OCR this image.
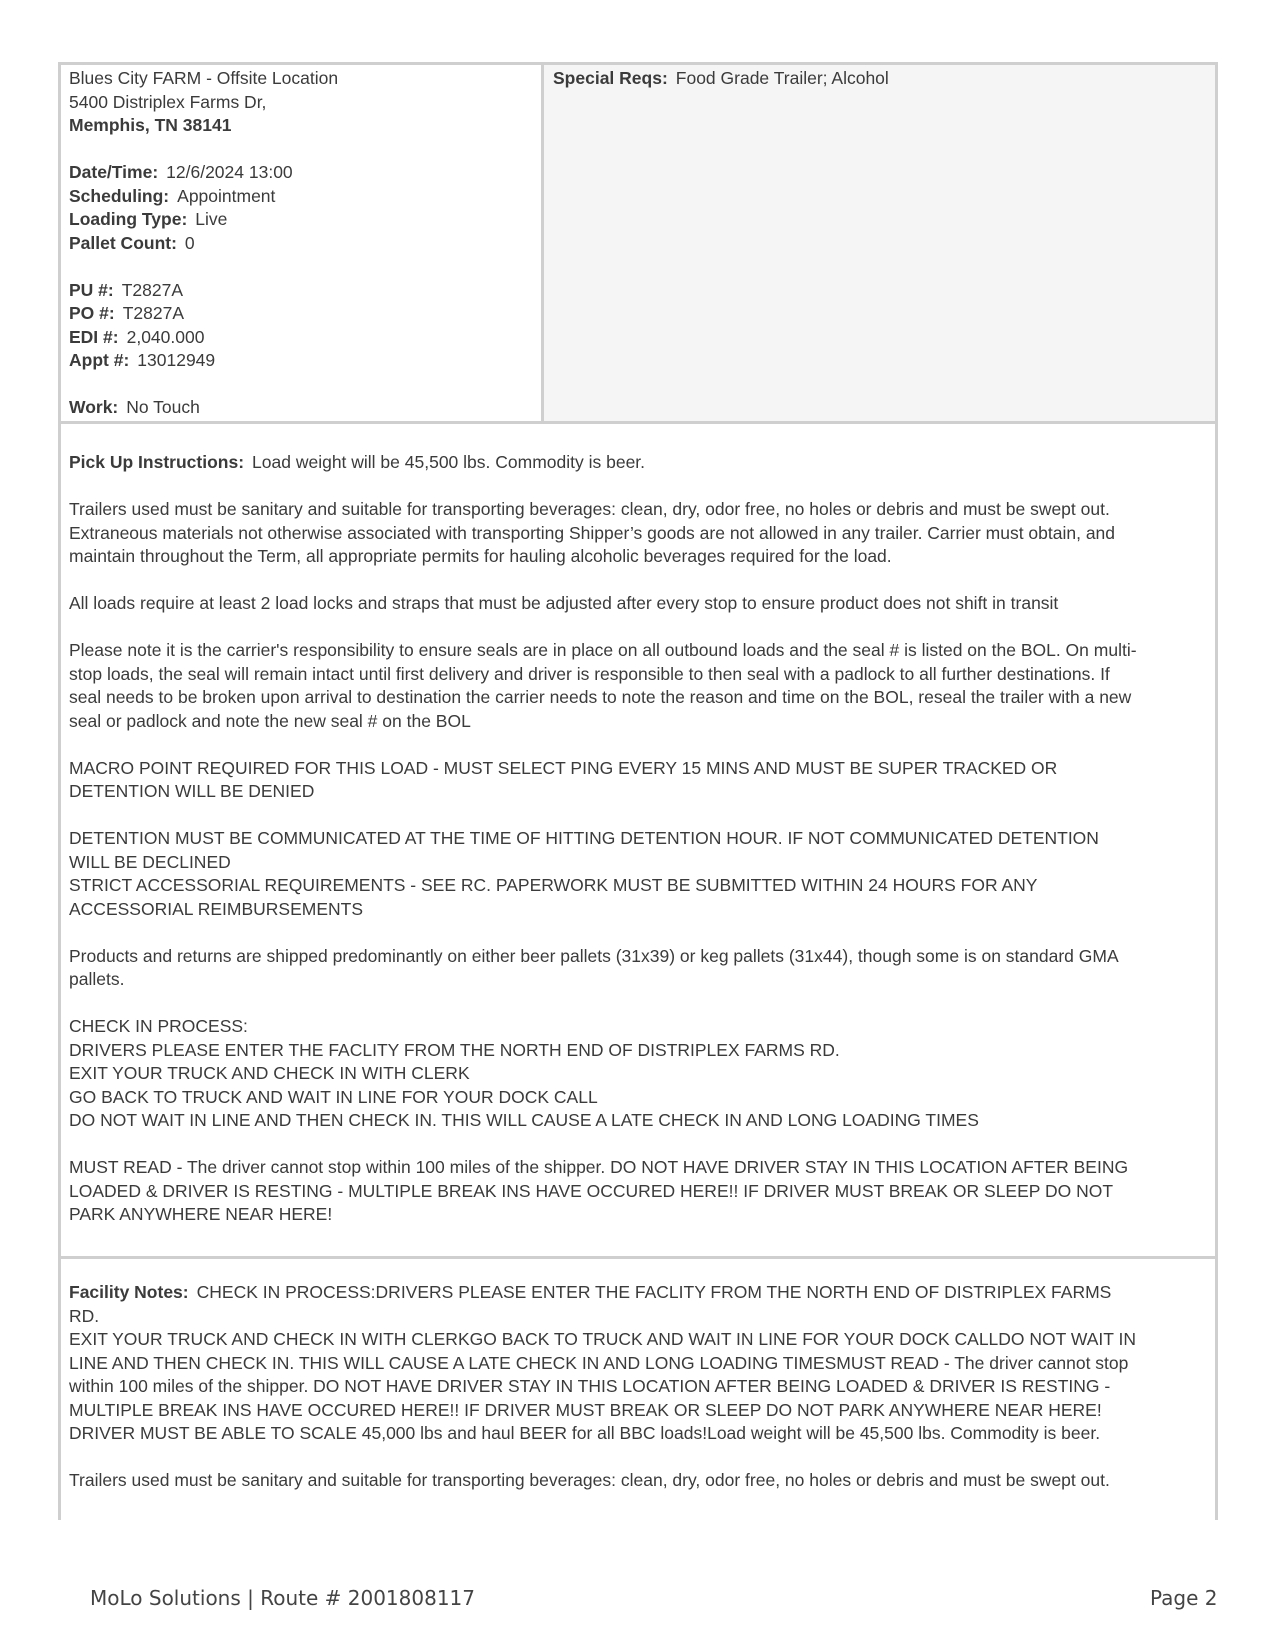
Blues City FARM - Offsite Location
5400 Distriplex Farms Dr,
Memphis, TN 38141
Date/Time: 12/6/2024 13:00
Scheduling: Appointment
Loading Type: Live
Pallet Count: 0
PU #: T2827A
PO #: T2827A
EDI #: 2,040.000
Appt #: 13012949
Work: No Touch
Special Reqs: Food Grade Trailer; Alcohol
Pick Up Instructions: Load weight will be 45,500 lbs. Commodity is beer.
Trailers used must be sanitary and suitable for transporting beverages: clean, dry, odor free, no holes or debris and must be swept out.
Extraneous materials not otherwise associated with transporting Shipper’s goods are not allowed in any trailer. Carrier must obtain, and
maintain throughout the Term, all appropriate permits for hauling alcoholic beverages required for the load.
All loads require at least 2 load locks and straps that must be adjusted after every stop to ensure product does not shift in transit
Please note it is the carrier's responsibility to ensure seals are in place on all outbound loads and the seal # is listed on the BOL. On multi-
stop loads, the seal will remain intact until first delivery and driver is responsible to then seal with a padlock to all further destinations. If
seal needs to be broken upon arrival to destination the carrier needs to note the reason and time on the BOL, reseal the trailer with a new
seal or padlock and note the new seal # on the BOL
MACRO POINT REQUIRED FOR THIS LOAD - MUST SELECT PING EVERY 15 MINS AND MUST BE SUPER TRACKED OR
DETENTION WILL BE DENIED
DETENTION MUST BE COMMUNICATED AT THE TIME OF HITTING DETENTION HOUR. IF NOT COMMUNICATED DETENTION
WILL BE DECLINED
STRICT ACCESSORIAL REQUIREMENTS - SEE RC. PAPERWORK MUST BE SUBMITTED WITHIN 24 HOURS FOR ANY
ACCESSORIAL REIMBURSEMENTS
Products and returns are shipped predominantly on either beer pallets (31x39) or keg pallets (31x44), though some is on standard GMA
pallets.
CHECK IN PROCESS:
DRIVERS PLEASE ENTER THE FACLITY FROM THE NORTH END OF DISTRIPLEX FARMS RD.
EXIT YOUR TRUCK AND CHECK IN WITH CLERK
GO BACK TO TRUCK AND WAIT IN LINE FOR YOUR DOCK CALL
DO NOT WAIT IN LINE AND THEN CHECK IN. THIS WILL CAUSE A LATE CHECK IN AND LONG LOADING TIMES
MUST READ - The driver cannot stop within 100 miles of the shipper. DO NOT HAVE DRIVER STAY IN THIS LOCATION AFTER BEING
LOADED & DRIVER IS RESTING - MULTIPLE BREAK INS HAVE OCCURED HERE!! IF DRIVER MUST BREAK OR SLEEP DO NOT
PARK ANYWHERE NEAR HERE!
Facility Notes: CHECK IN PROCESS:DRIVERS PLEASE ENTER THE FACLITY FROM THE NORTH END OF DISTRIPLEX FARMS
RD.
EXIT YOUR TRUCK AND CHECK IN WITH CLERKGO BACK TO TRUCK AND WAIT IN LINE FOR YOUR DOCK CALLDO NOT WAIT IN
LINE AND THEN CHECK IN. THIS WILL CAUSE A LATE CHECK IN AND LONG LOADING TIMESMUST READ - The driver cannot stop
within 100 miles of the shipper. DO NOT HAVE DRIVER STAY IN THIS LOCATION AFTER BEING LOADED & DRIVER IS RESTING -
MULTIPLE BREAK INS HAVE OCCURED HERE!! IF DRIVER MUST BREAK OR SLEEP DO NOT PARK ANYWHERE NEAR HERE!
DRIVER MUST BE ABLE TO SCALE 45,000 lbs and haul BEER for all BBC loads!Load weight will be 45,500 lbs. Commodity is beer.
Trailers used must be sanitary and suitable for transporting beverages: clean, dry, odor free, no holes or debris and must be swept out.
MoLo Solutions | Route # 2001808117	Page 2
